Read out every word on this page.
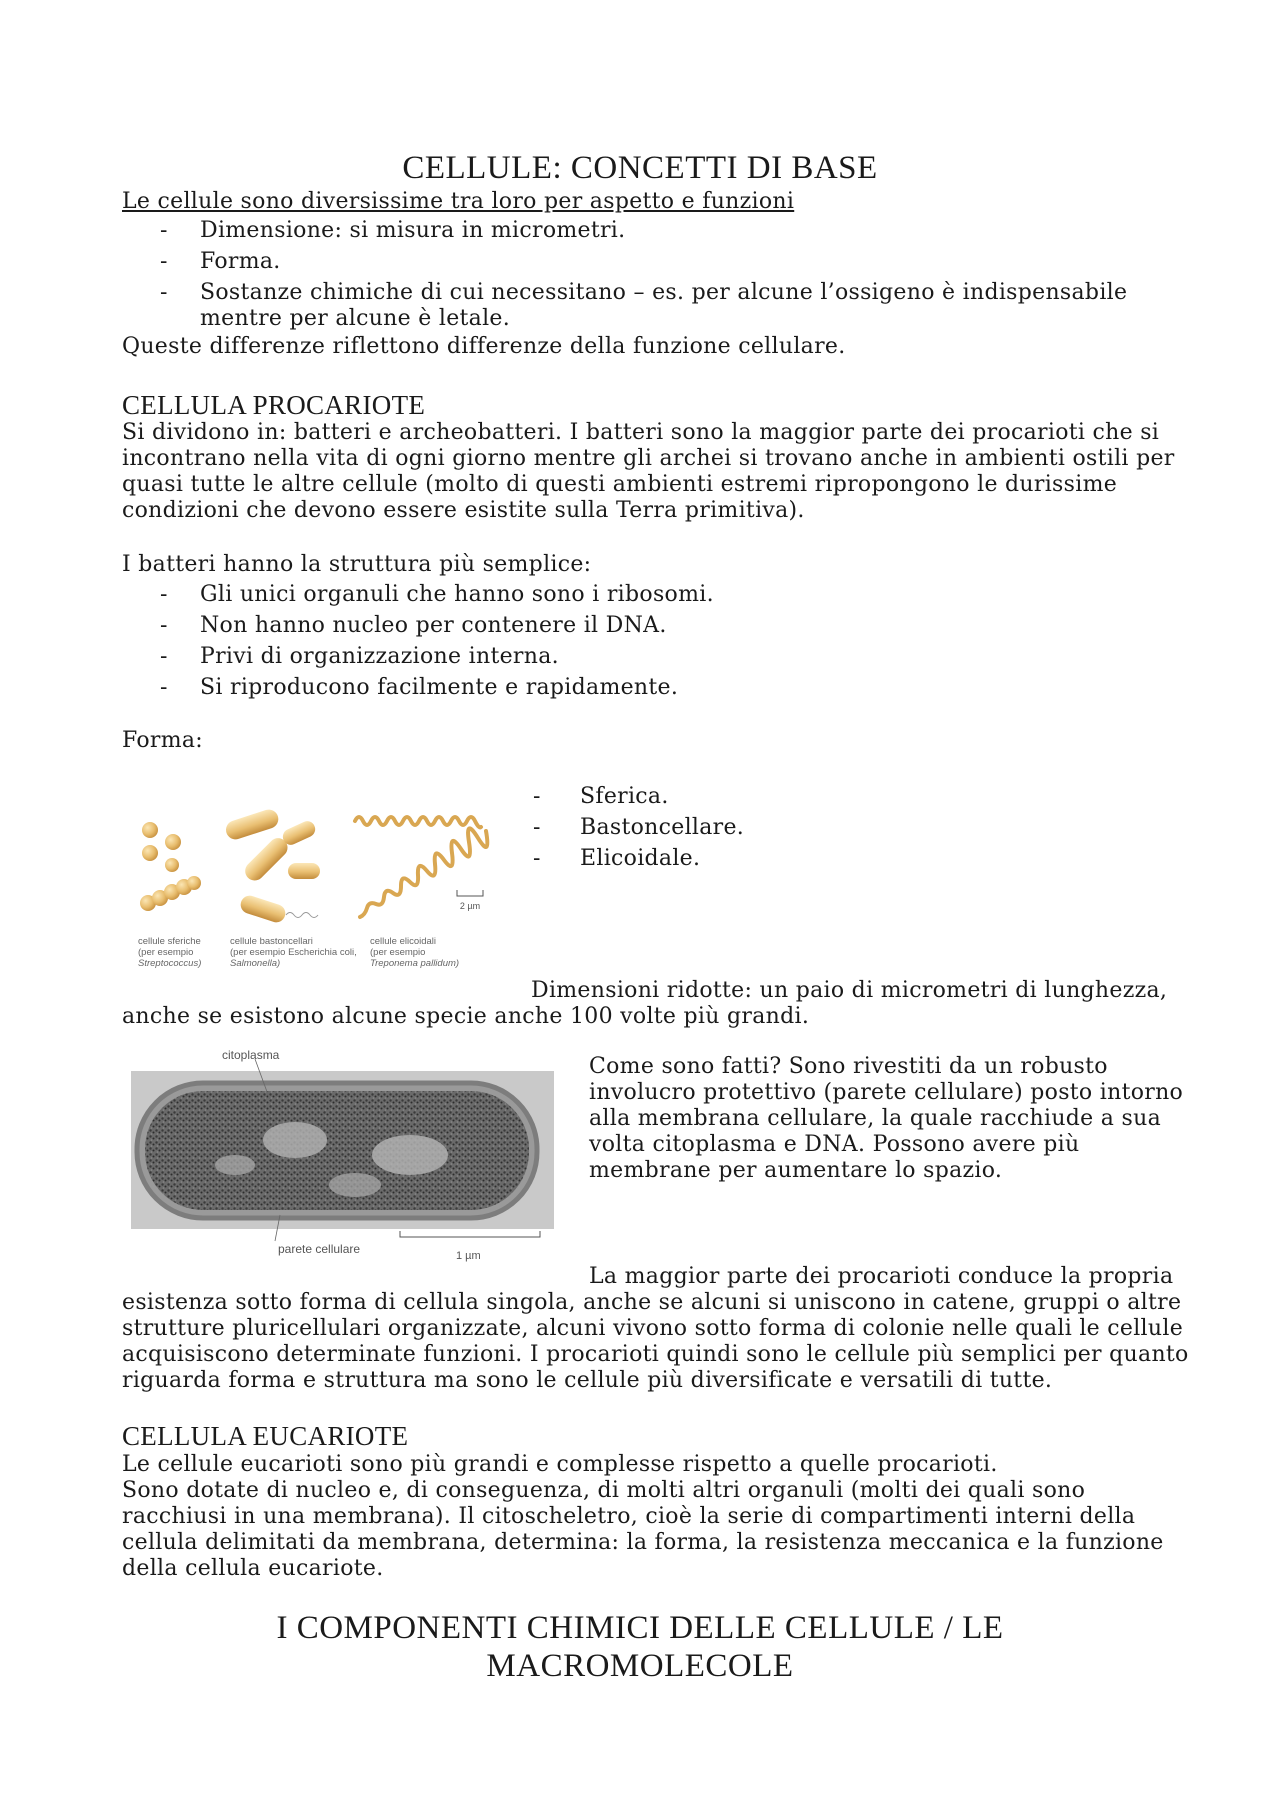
CELLULE: CONCETTI DI BASE
Le cellule sono diversissime tra loro per aspetto e funzioni
- Dimensione: si misura in micrometri.
- Forma.
- Sostanze chimiche di cui necessitano – es. per alcune l’ossigeno è indispensabile
mentre per alcune è letale.
Queste differenze riflettono differenze della funzione cellulare.
CELLULA PROCARIOTE
Si dividono in: batteri e archeobatteri. I batteri sono la maggior parte dei procarioti che si
incontrano nella vita di ogni giorno mentre gli archei si trovano anche in ambienti ostili per
quasi tutte le altre cellule (molto di questi ambienti estremi ripropongono le durissime
condizioni che devono essere esistite sulla Terra primitiva).
I batteri hanno la struttura più semplice:
- Gli unici organuli che hanno sono i ribosomi.
- Non hanno nucleo per contenere il DNA.
- Privi di organizzazione interna.
- Si riproducono facilmente e rapidamente.
Forma:
2 µm
cellule sferiche
(per esempio
Streptococcus)
cellule bastoncellari
(per esempio Escherichia coli,
Salmonella)
cellule elicoidali
(per esempio
Treponema pallidum)
- Sferica.
- Bastoncellare.
- Elicoidale.
Dimensioni ridotte: un paio di micrometri di lunghezza,
anche se esistono alcune specie anche 100 volte più grandi.
citoplasma
parete cellulare	1 µm
Come sono fatti? Sono rivestiti da un robusto
involucro protettivo (parete cellulare) posto intorno
alla membrana cellulare, la quale racchiude a sua
volta citoplasma e DNA. Possono avere più
membrane per aumentare lo spazio.
La maggior parte dei procarioti conduce la propria
esistenza sotto forma di cellula singola, anche se alcuni si uniscono in catene, gruppi o altre
strutture pluricellulari organizzate, alcuni vivono sotto forma di colonie nelle quali le cellule
acquisiscono determinate funzioni. I procarioti quindi sono le cellule più semplici per quanto
riguarda forma e struttura ma sono le cellule più diversificate e versatili di tutte.
CELLULA EUCARIOTE
Le cellule eucarioti sono più grandi e complesse rispetto a quelle procarioti.
Sono dotate di nucleo e, di conseguenza, di molti altri organuli (molti dei quali sono
racchiusi in una membrana). Il citoscheletro, cioè la serie di compartimenti interni della
cellula delimitati da membrana, determina: la forma, la resistenza meccanica e la funzione
della cellula eucariote.
I COMPONENTI CHIMICI DELLE CELLULE / LE
MACROMOLECOLE
